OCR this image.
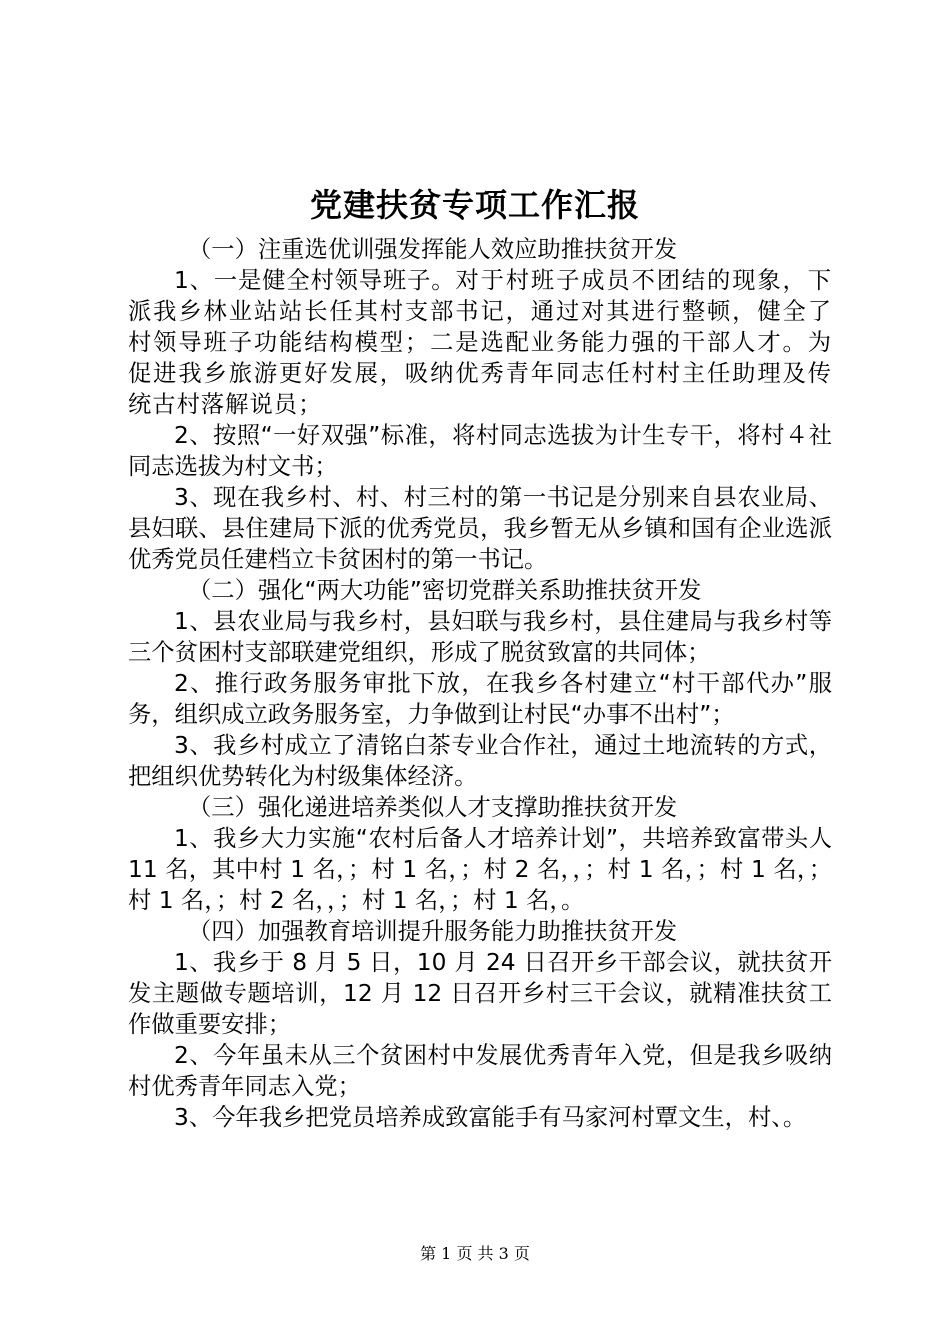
党建扶贫专项工作汇报
（一）注重选优训强发挥能人效应助推扶贫开发
1、一是健全村领导班子。对于村班子成员不团结的现象，下派我乡林业站站长任其村支部书记，通过对其进行整顿，健全了村领导班子功能结构模型；二是选配业务能力强的干部人才。为促进我乡旅游更好发展，吸纳优秀青年同志任村村主任助理及传统古村落解说员；
2、按照“一好双强”标准，将村同志选拔为计生专干，将村４社同志选拔为村文书；
3、现在我乡村、村、村三村的第一书记是分别来自县农业局、县妇联、县住建局下派的优秀党员，我乡暂无从乡镇和国有企业选派优秀党员任建档立卡贫困村的第一书记。
（二）强化“两大功能”密切党群关系助推扶贫开发
1、县农业局与我乡村，县妇联与我乡村，县住建局与我乡村等三个贫困村支部联建党组织，形成了脱贫致富的共同体；
2、推行政务服务审批下放，在我乡各村建立“村干部代办”服务，组织成立政务服务室，力争做到让村民“办事不出村”；
3、我乡村成立了清铭白茶专业合作社，通过土地流转的方式，把组织优势转化为村级集体经济。
（三）强化递进培养类似人才支撑助推扶贫开发
1、我乡大力实施“农村后备人才培养计划”，共培养致富带头人 11 名，其中村 1 名，；村 1 名，；村 2 名，，；村 1 名，；村 1 名，；村 1 名，；村 2 名，，；村 1 名，；村 1 名，。
（四）加强教育培训提升服务能力助推扶贫开发
1、我乡于 8 月 5 日，10 月 24 日召开乡干部会议，就扶贫开发主题做专题培训，12 月 12 日召开乡村三干会议，就精准扶贫工作做重要安排；
2、今年虽未从三个贫困村中发展优秀青年入党，但是我乡吸纳村优秀青年同志入党；
3、今年我乡把党员培养成致富能手有马家河村覃文生，村、。
第 1 页 共 3 页
